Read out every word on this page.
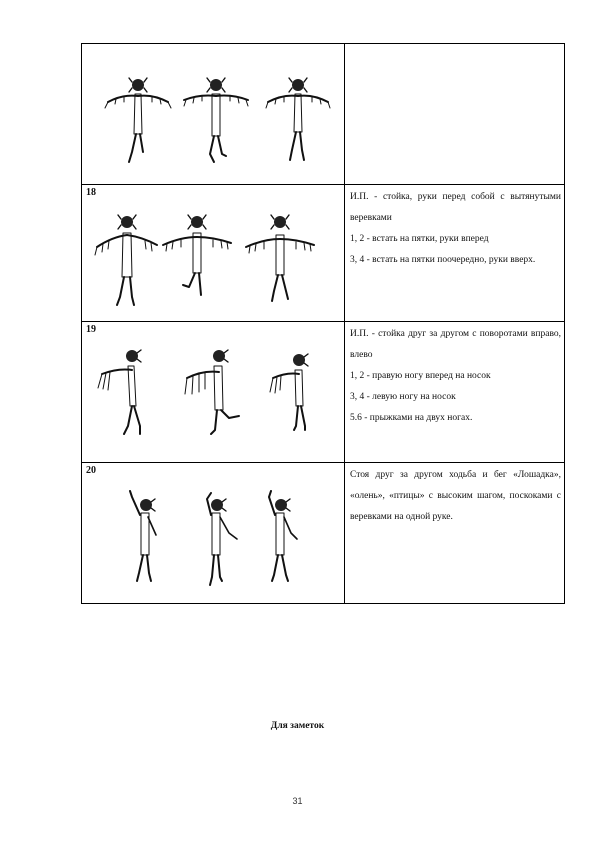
18	И.П. - стойка, руки перед собой с вытянутыми веревками

1, 2 - встать на пятки, руки вперед

3, 4 - встать на пятки поочередно, руки вверх.

19	И.П. - стойка друг за другом с поворотами вправо, влево

1, 2 - правую ногу вперед на носок

3, 4 - левую ногу на носок

5.6 - прыжками на двух ногах.

20	Стоя друг за другом ходьба и бег «Лошадка», «олень», «птицы» с высоким шагом, поскоками с веревками на одной руке.

Для заметок
31
